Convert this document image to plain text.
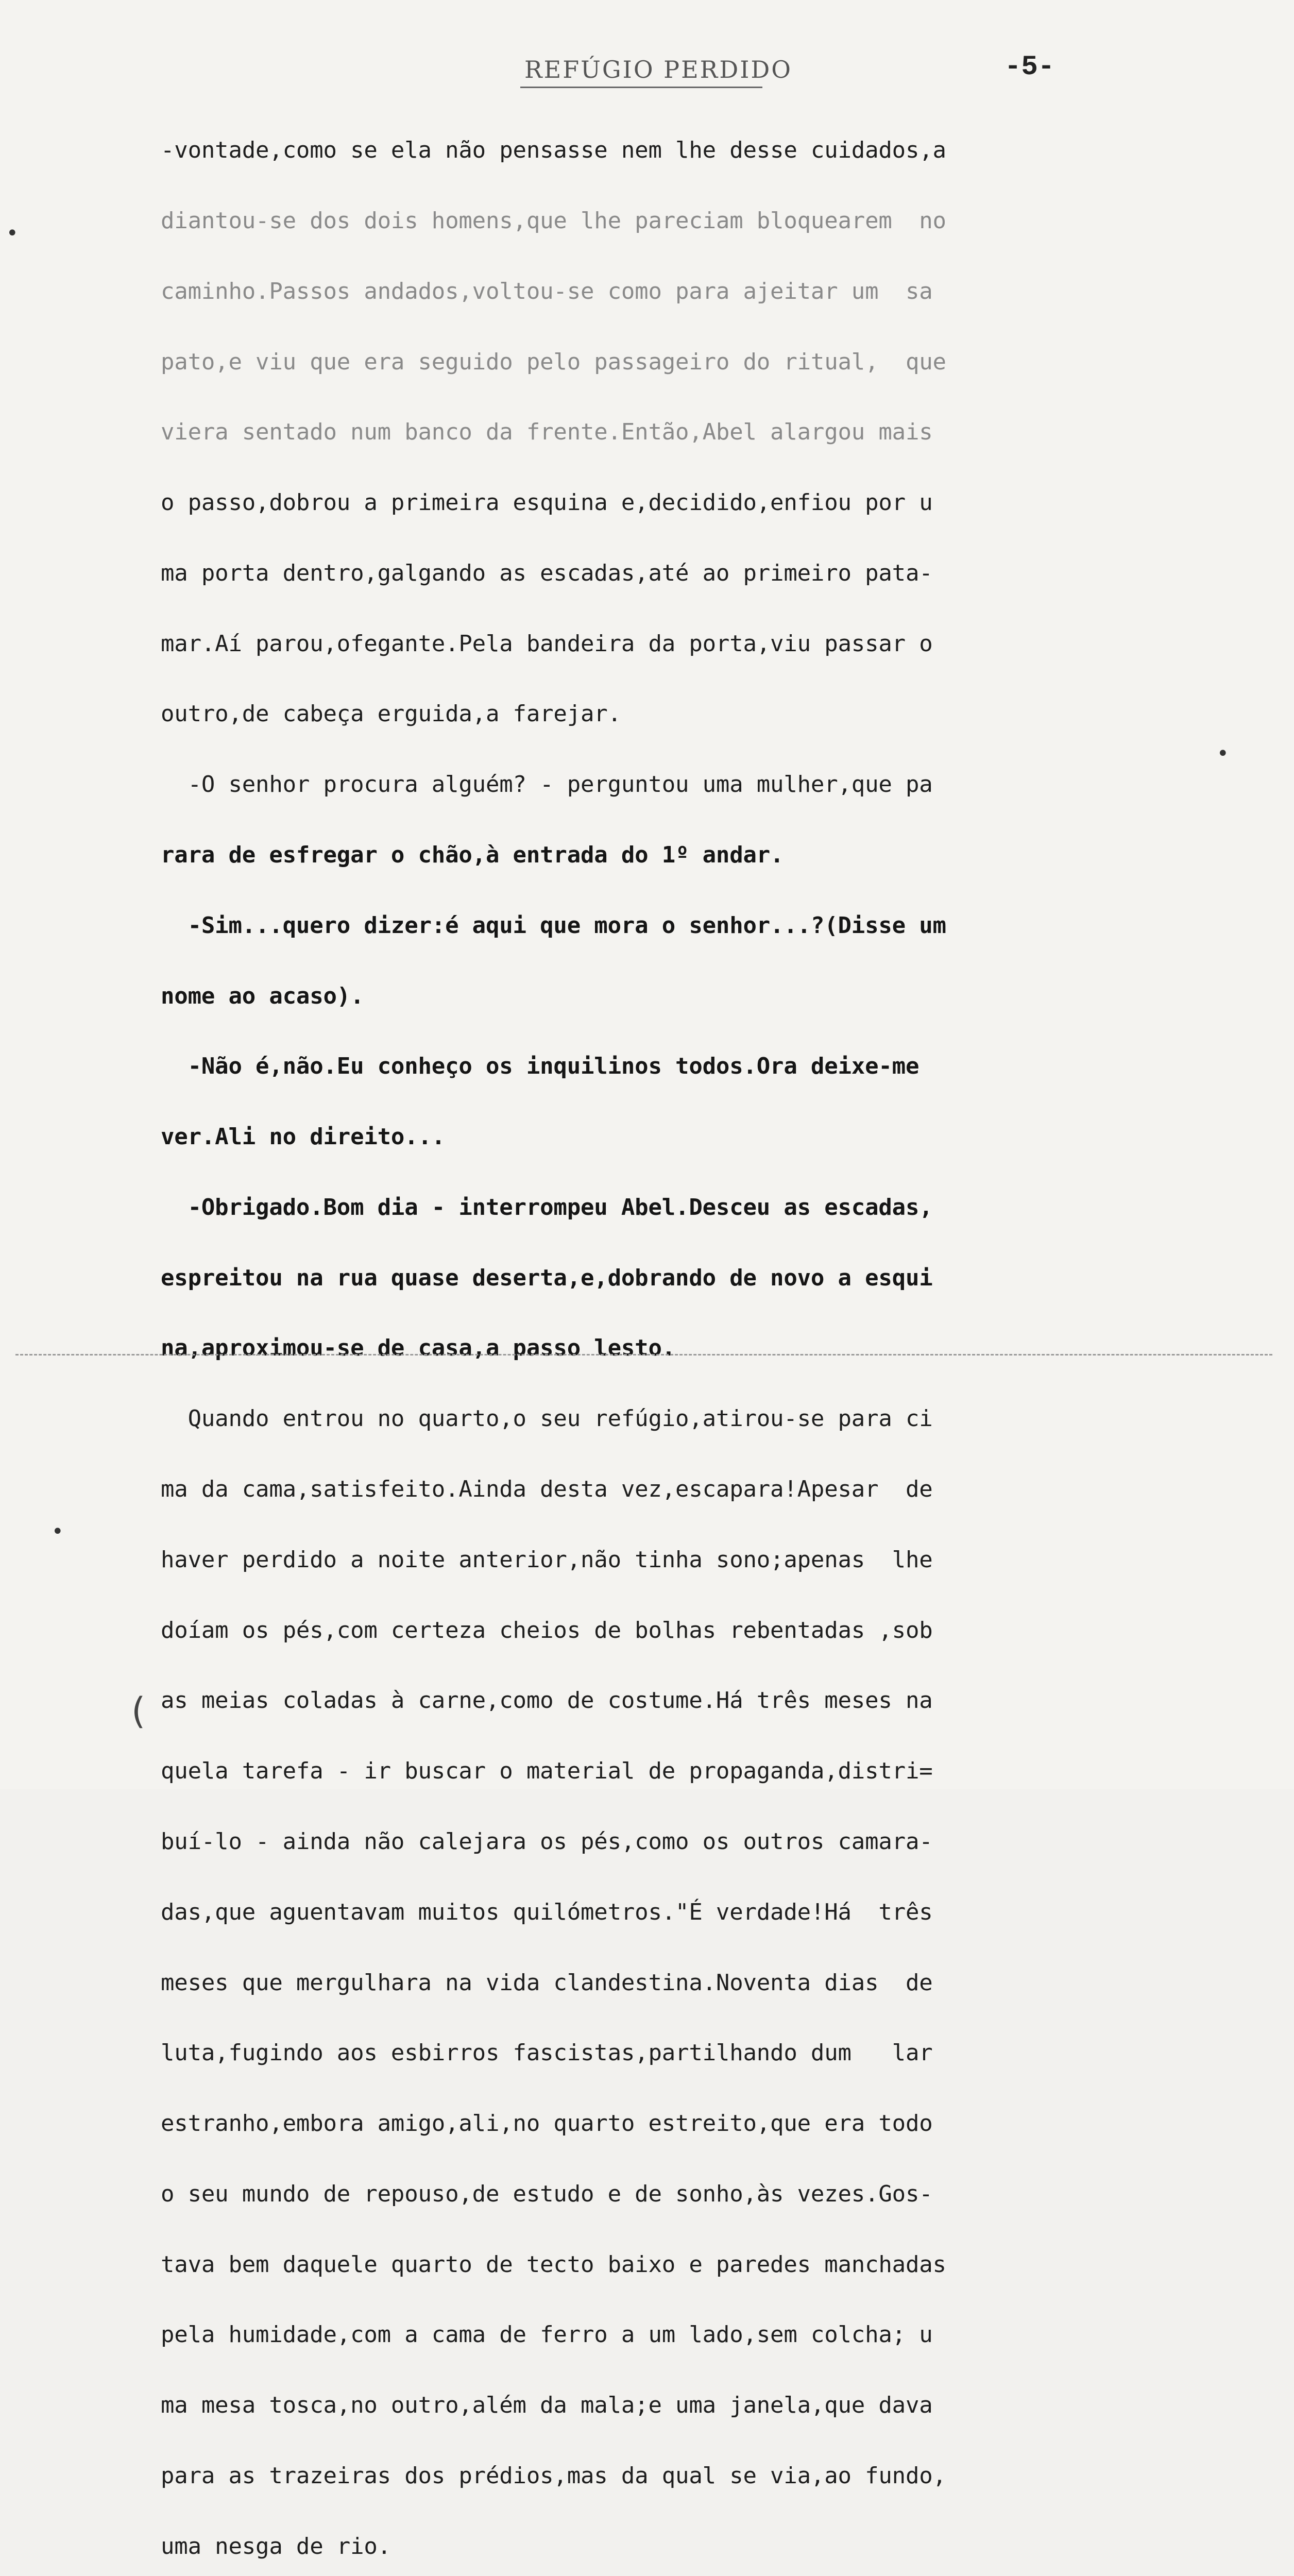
REFÚGIO PERDIDO	-5-

-vontade,como se ela não pensasse nem lhe desse cuidados,a

diantou-se dos dois homens,que lhe pareciam bloquearem  no

caminho.Passos andados,voltou-se como para ajeitar um  sa

pato,e viu que era seguido pelo passageiro do ritual,  que

viera sentado num banco da frente.Então,Abel alargou mais

o passo,dobrou a primeira esquina e,decidido,enfiou por u

ma porta dentro,galgando as escadas,até ao primeiro pata-

mar.Aí parou,ofegante.Pela bandeira da porta,viu passar o

outro,de cabeça erguida,a farejar.

-O senhor procura alguém? - perguntou uma mulher,que pa

rara de esfregar o chão,à entrada do 1º andar.

-Sim...quero dizer:é aqui que mora o senhor...?(Disse um

nome ao acaso).

-Não é,não.Eu conheço os inquilinos todos.Ora deixe-me

ver.Ali no direito...

-Obrigado.Bom dia - interrompeu Abel.Desceu as escadas,

espreitou na rua quase deserta,e,dobrando de novo a esqui

na,aproximou-se de casa,a passo lesto.

Quando entrou no quarto,o seu refúgio,atirou-se para ci

ma da cama,satisfeito.Ainda desta vez,escapara!Apesar  de

haver perdido a noite anterior,não tinha sono;apenas  lhe

doíam os pés,com certeza cheios de bolhas rebentadas ,sob

as meias coladas à carne,como de costume.Há três meses na

quela tarefa - ir buscar o material de propaganda,distri=

buí-lo - ainda não calejara os pés,como os outros camara-

das,que aguentavam muitos quilómetros."É verdade!Há  três

meses que mergulhara na vida clandestina.Noventa dias  de

luta,fugindo aos esbirros fascistas,partilhando dum   lar

estranho,embora amigo,ali,no quarto estreito,que era todo

o seu mundo de repouso,de estudo e de sonho,às vezes.Gos-

tava bem daquele quarto de tecto baixo e paredes manchadas

pela humidade,com a cama de ferro a um lado,sem colcha; u

ma mesa tosca,no outro,além da mala;e uma janela,que dava

para as trazeiras dos prédios,mas da qual se via,ao fundo,

uma nesga de rio.

•
•
•
(
